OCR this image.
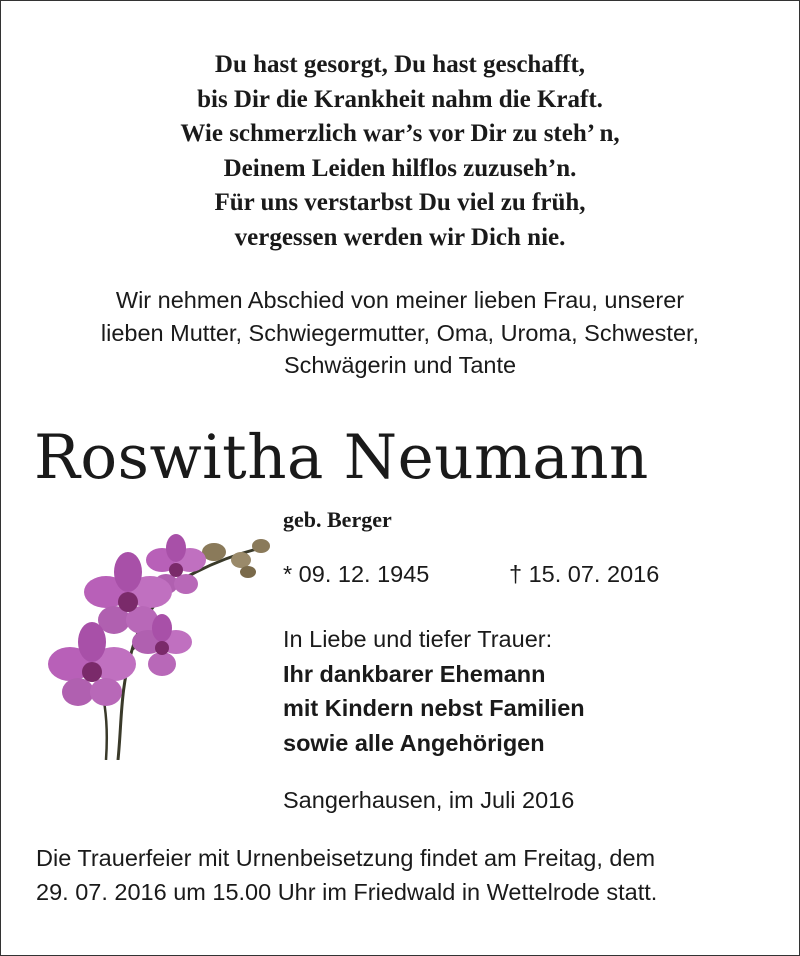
Du hast gesorgt, Du hast geschafft,
bis Dir die Krankheit nahm die Kraft.
Wie schmerzlich war’s vor Dir zu steh’ n,
Deinem Leiden hilflos zuzuseh’n.
Für uns verstarbst Du viel zu früh,
vergessen werden wir Dich nie.
Wir nehmen Abschied von meiner lieben Frau, unserer
lieben Mutter, Schwiegermutter, Oma, Uroma, Schwester,
Schwägerin und Tante
Roswitha Neumann
geb. Berger
* 09. 12. 1945	† 15. 07. 2016
In Liebe und tiefer Trauer:
Ihr dankbarer Ehemann
mit Kindern nebst Familien
sowie alle Angehörigen
Sangerhausen, im Juli 2016
Die Trauerfeier mit Urnenbeisetzung findet am Freitag, dem
29. 07. 2016 um 15.00 Uhr im Friedwald in Wettelrode statt.
